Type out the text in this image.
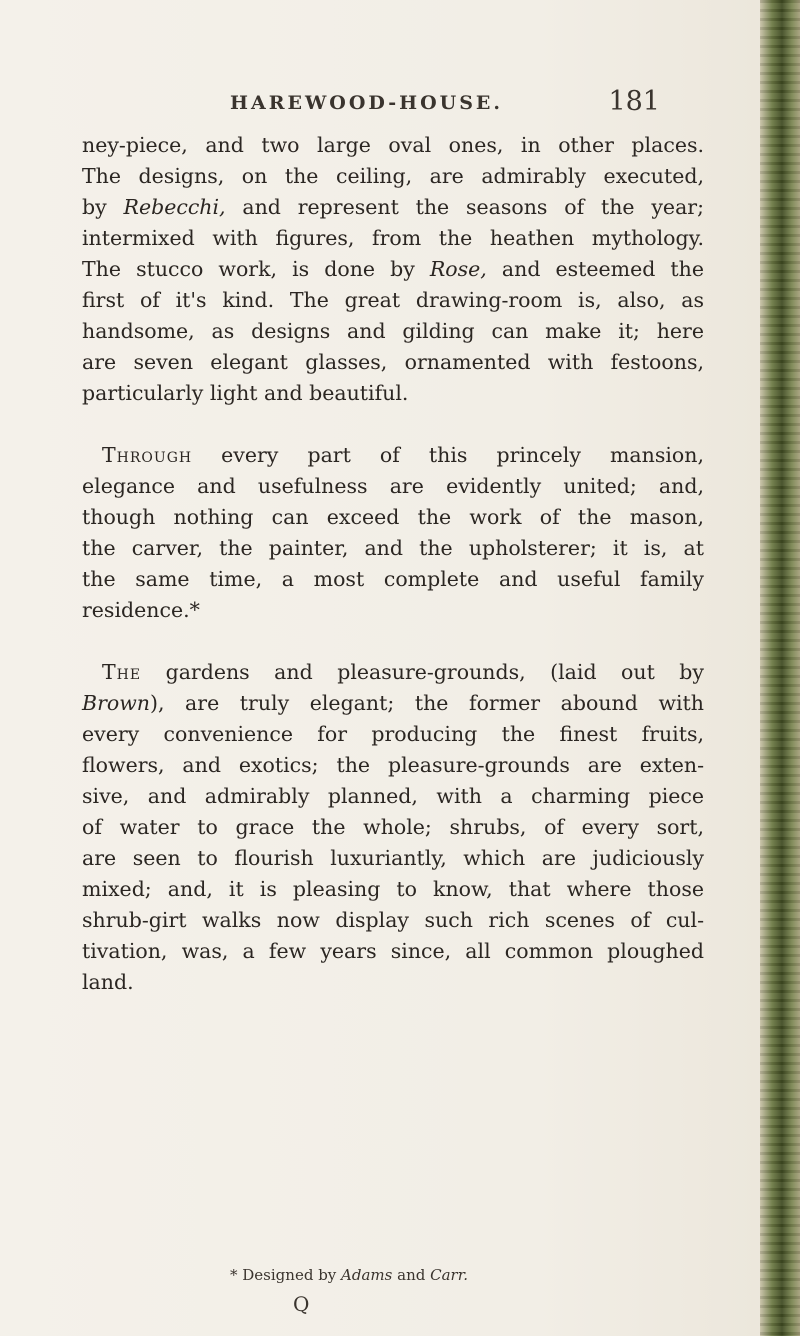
HAREWOOD-HOUSE.	181
ney-piece, and two large oval ones, in other places.
The designs, on the ceiling, are admirably executed,
by Rebecchi, and represent the seasons of the year;
intermixed with figures, from the heathen mythology.
The stucco work, is done by Rose, and esteemed the
first of it's kind. The great drawing-room is, also, as
handsome, as designs and gilding can make it; here
are seven elegant glasses, ornamented with festoons,
particularly light and beautiful.
Through every part of this princely mansion,
elegance and usefulness are evidently united; and,
though nothing can exceed the work of the mason,
the carver, the painter, and the upholsterer; it is, at
the same time, a most complete and useful family
residence.*
The gardens and pleasure-grounds, (laid out by
Brown), are truly elegant; the former abound with
every convenience for producing the finest fruits,
flowers, and exotics; the pleasure-grounds are exten-
sive, and admirably planned, with a charming piece
of water to grace the whole; shrubs, of every sort,
are seen to flourish luxuriantly, which are judiciously
mixed; and, it is pleasing to know, that where those
shrub-girt walks now display such rich scenes of cul-
tivation, was, a few years since, all common ploughed
land.
* Designed by Adams and Carr.
Q
